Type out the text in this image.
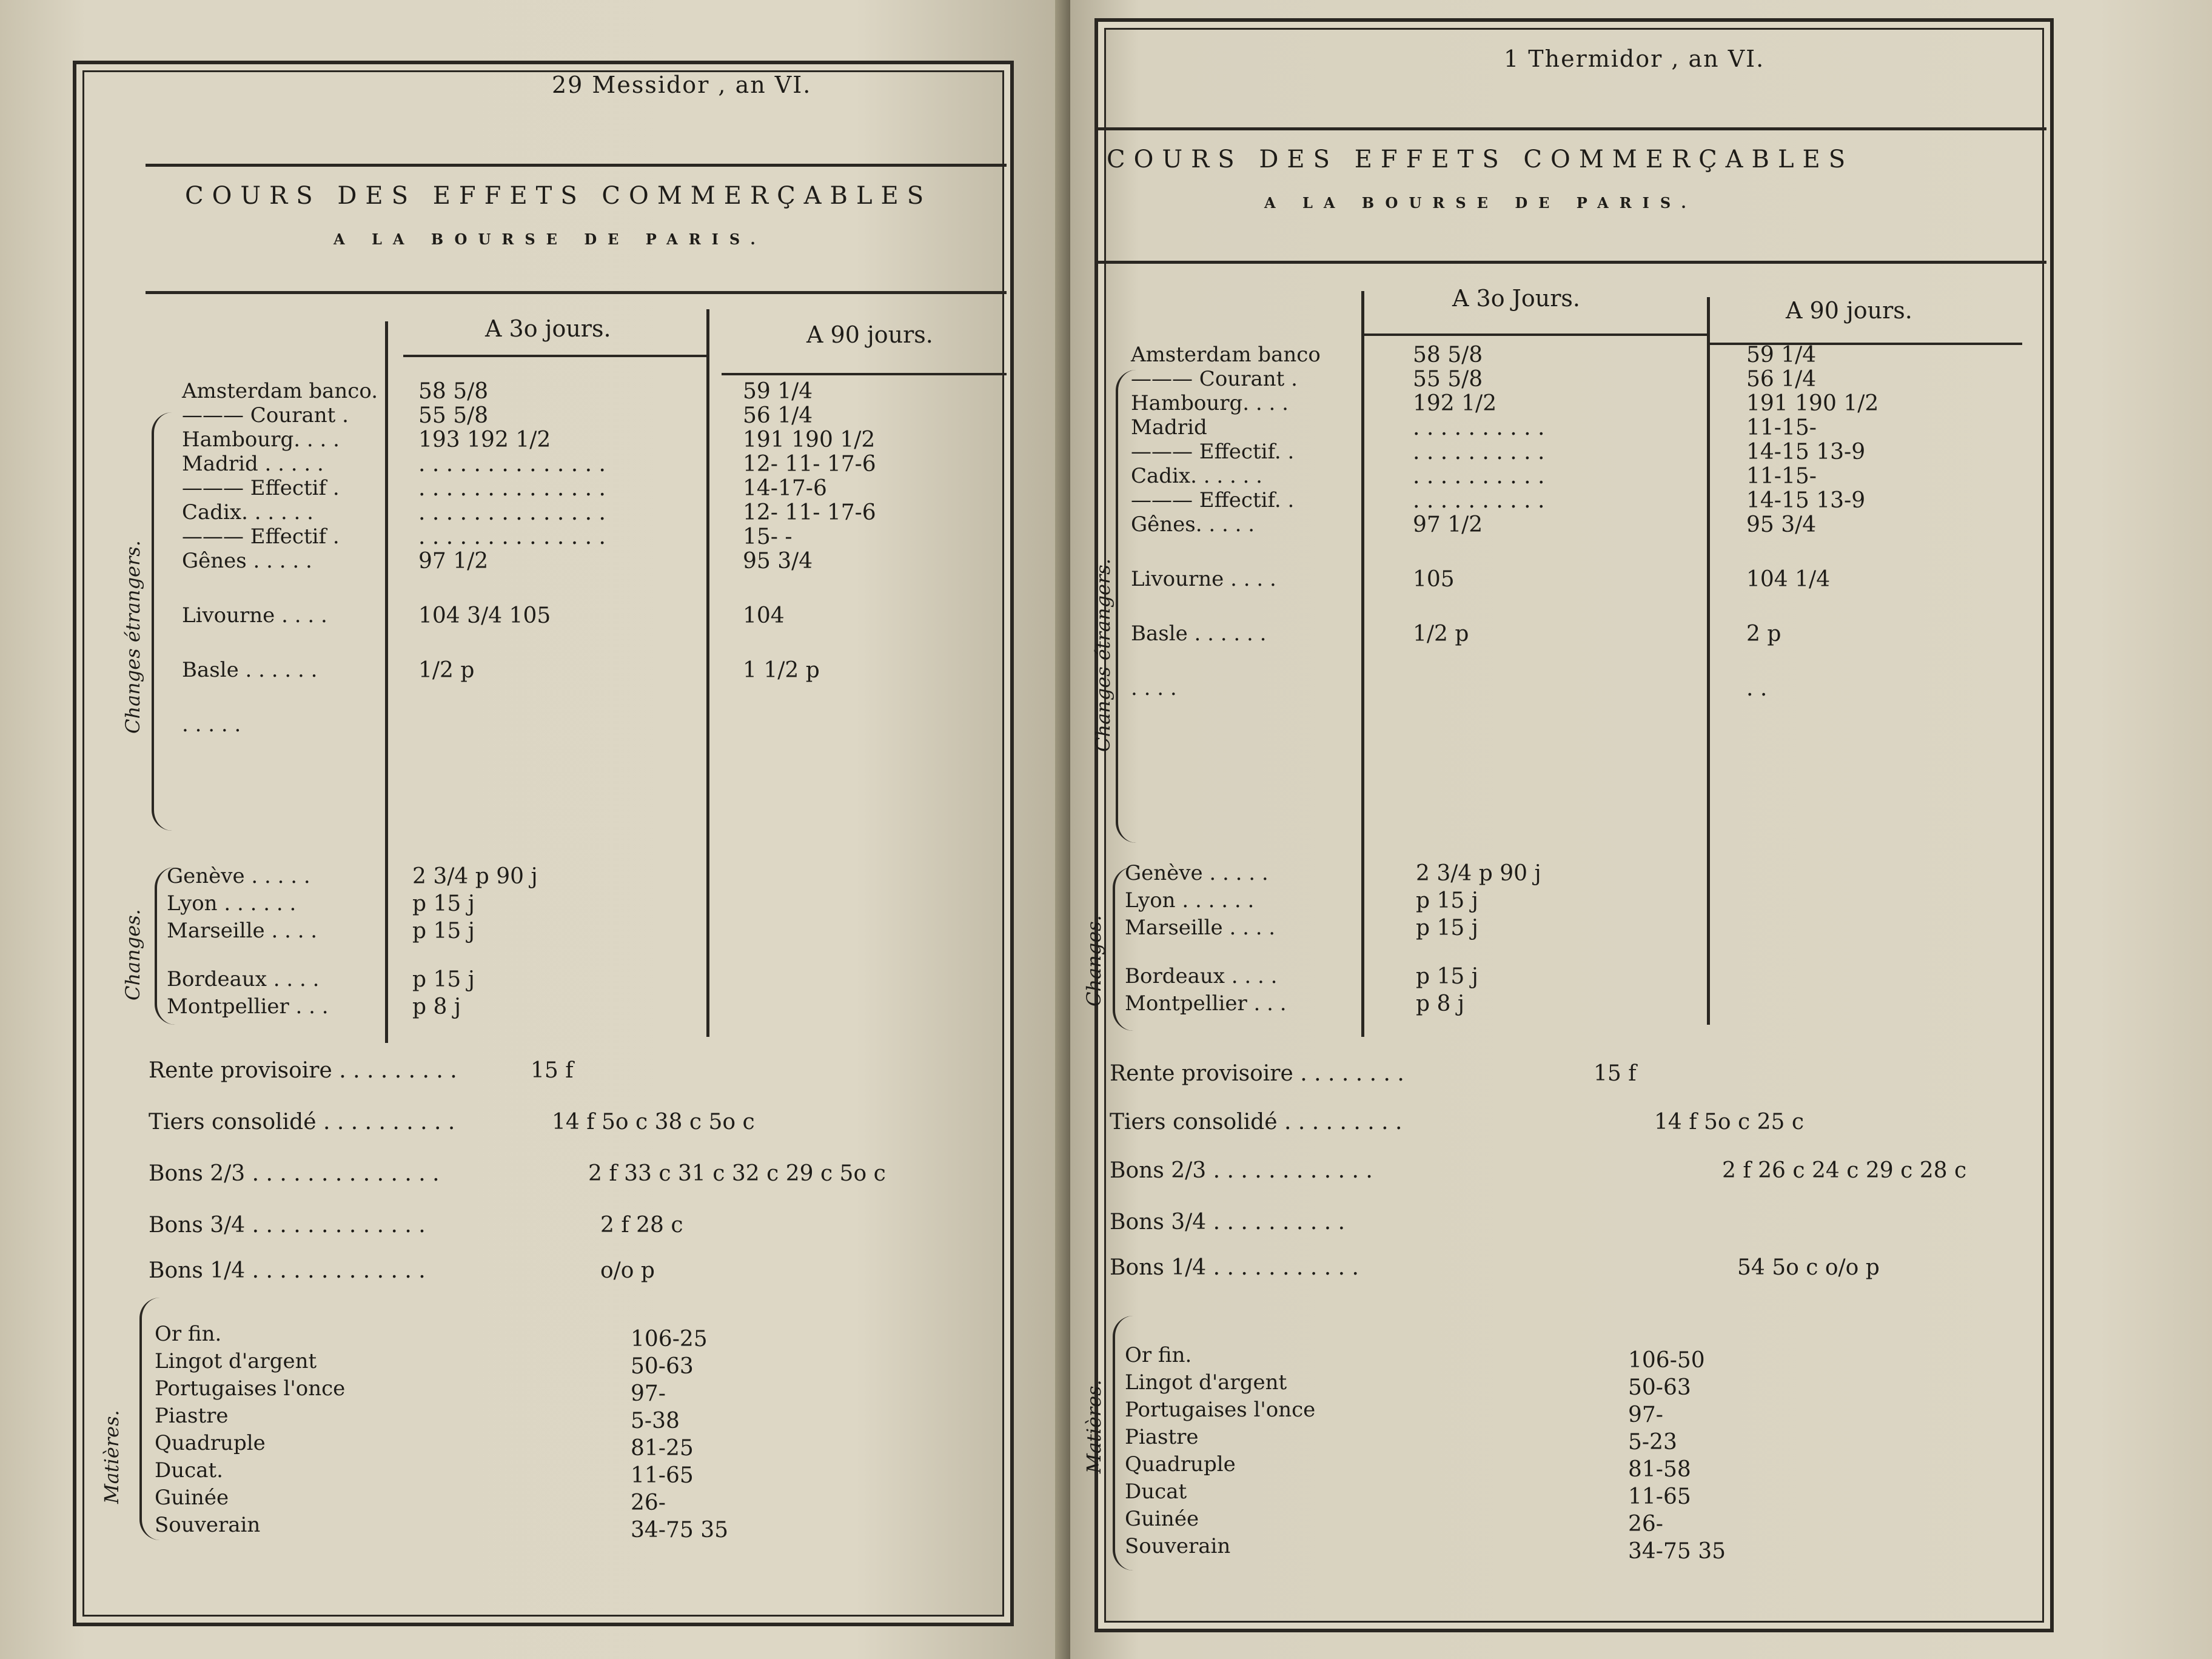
29 Messidor , an VI.
COURS DES EFFETS COMMERÇABLES
A LA BOURSE DE PARIS.
A 3o jours.	A 90 jours.
Changes étrangers.
Amsterdam banco. 58 5/8	59 1/4
——— Courant .	55 5/8	56 1/4
Hambourg. . . .	193 192 1/2	191 190 1/2
Madrid . . . . .	. . . . . . . . . . . . . .	12- 11- 17-6
——— Effectif .	. . . . . . . . . . . . . .	14-17-6
Cadix. . . . . .	. . . . . . . . . . . . . .	12- 11- 17-6
——— Effectif .	. . . . . . . . . . . . . .	15- -
Gênes . . . . .	97 1/2	95 3/4
Livourne . . . .	104 3/4 105	104
Basle . . . . . .	1/2 p	1 1/2 p
. . . . .
Changes.
Genève . . . . .	2 3/4 p 90 j
Lyon . . . . . .	p 15 j
Marseille . . . .	p 15 j
Bordeaux . . . .	p 15 j
Montpellier . . .	p 8 j
Rente provisoire . . . . . . . . .	15 f
Tiers consolidé . . . . . . . . . .	14 f 5o c 38 c 5o c
Bons 2/3 . . . . . . . . . . . . . .	2 f 33 c 31 c 32 c 29 c 5o c
Bons 3/4 . . . . . . . . . . . . .	2 f 28 c
Bons 1/4 . . . . . . . . . . . . .	o/o p
Matières.
Or fin.	106-25
Lingot d'argent	50-63
Portugaises l'once	97-
Piastre	5-38
Quadruple	81-25
Ducat.	11-65
Guinée	26-
Souverain	34-75 35
1 Thermidor , an VI.
COURS DES EFFETS COMMERÇABLES
A LA BOURSE DE PARIS.
A 3o Jours.	A 90 jours.
Changes étrangers.
Amsterdam banco	58 5/8	59 1/4
——— Courant .	55 5/8	56 1/4
Hambourg. . . .	192 1/2	191 190 1/2
Madrid	. . . . . . . . . .	11-15-
——— Effectif. .	. . . . . . . . . .	14-15 13-9
Cadix. . . . . .	. . . . . . . . . .	11-15-
——— Effectif. .	. . . . . . . . . .	14-15 13-9
Gênes. . . . .	97 1/2	95 3/4
Livourne . . . .	105	104 1/4
Basle . . . . . .	1/2 p	2 p
. . . .	. .
Changes.
Genève . . . . .	2 3/4 p 90 j
Lyon . . . . . .	p 15 j
Marseille . . . .	p 15 j
Bordeaux . . . .	p 15 j
Montpellier . . .	p 8 j
Rente provisoire . . . . . . . .	15 f
Tiers consolidé . . . . . . . . .	14 f 5o c 25 c
Bons 2/3 . . . . . . . . . . . .	2 f 26 c 24 c 29 c 28 c
Bons 3/4 . . . . . . . . . .
Bons 1/4 . . . . . . . . . . .	54 5o c o/o p
Matières.
Or fin.	106-50
Lingot d'argent	50-63
Portugaises l'once	97-
Piastre	5-23
Quadruple	81-58
Ducat	11-65
Guinée	26-
Souverain	34-75 35
